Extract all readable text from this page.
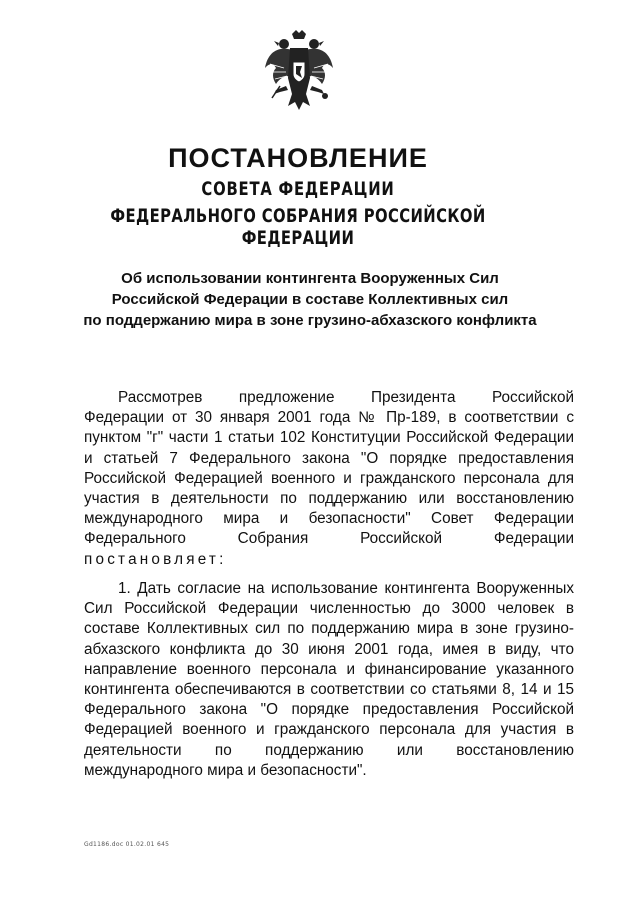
ПОСТАНОВЛЕНИЕ
СОВЕТА ФЕДЕРАЦИИ
ФЕДЕРАЛЬНОГО СОБРАНИЯ РОССИЙСКОЙ ФЕДЕРАЦИИ
Об использовании контингента Вооруженных Сил
Российской Федерации в составе Коллективных сил
по поддержанию мира в зоне грузино-абхазского конфликта
Рассмотрев предложение Президента Российской
Федерации от 30 января 2001 года № Пр-189, в соответствии с
пунктом "г" части 1 статьи 102 Конституции Российской Федерации
и статьей 7 Федерального закона "О порядке предоставления
Российской Федерацией военного и гражданского персонала для
участия в деятельности по поддержанию или восстановлению
международного мира и безопасности" Совет Федерации
Федерального Собрания Российской Федерации
постановляет:
1. Дать согласие на использование контингента Вооруженных
Сил Российской Федерации численностью до 3000 человек в
составе Коллективных сил по поддержанию мира в зоне грузино-
абхазского конфликта до 30 июня 2001 года, имея в виду, что
направление военного персонала и финансирование указанного
контингента обеспечиваются в соответствии со статьями 8, 14 и 15
Федерального закона "О порядке предоставления Российской
Федерацией военного и гражданского персонала для участия в
деятельности по поддержанию или восстановлению
международного мира и безопасности".
Gd1186.doc 01.02.01 645
